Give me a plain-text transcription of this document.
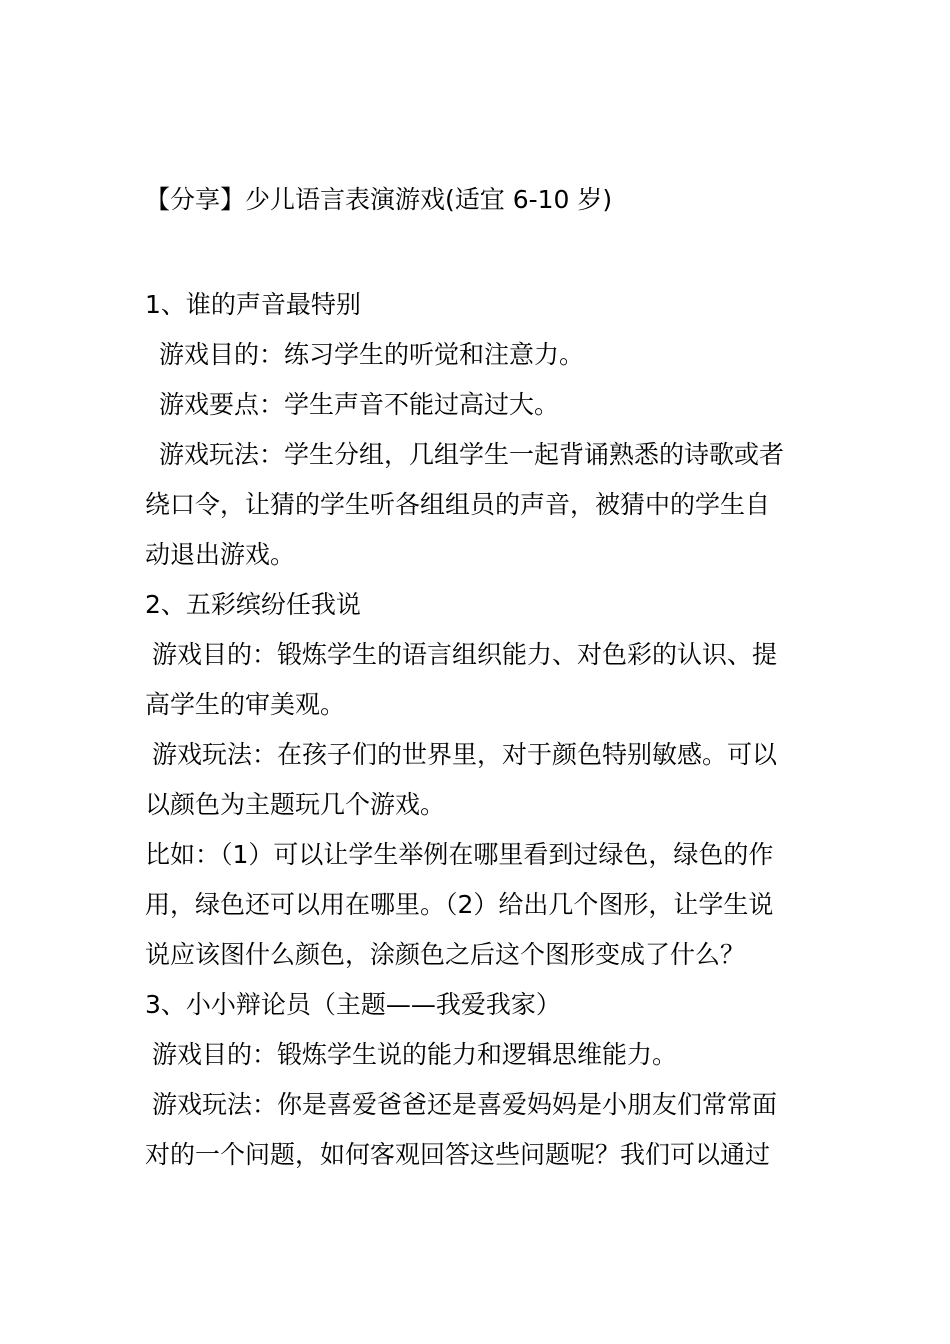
【分享】少儿语言表演游戏(适宜 6-10 岁)
1、谁的声音最特别
游戏目的：练习学生的听觉和注意力。
游戏要点：学生声音不能过高过大。
游戏玩法：学生分组，几组学生一起背诵熟悉的诗歌或者
绕口令，让猜的学生听各组组员的声音，被猜中的学生自
动退出游戏。
2、五彩缤纷任我说
游戏目的：锻炼学生的语言组织能力、对色彩的认识、提
高学生的审美观。
游戏玩法：在孩子们的世界里，对于颜色特别敏感。可以
以颜色为主题玩几个游戏。
比如：（1）可以让学生举例在哪里看到过绿色，绿色的作
用，绿色还可以用在哪里。（2）给出几个图形，让学生说
说应该图什么颜色，涂颜色之后这个图形变成了什么？
3、小小辩论员（主题——我爱我家）
游戏目的：锻炼学生说的能力和逻辑思维能力。
游戏玩法：你是喜爱爸爸还是喜爱妈妈是小朋友们常常面
对的一个问题，如何客观回答这些问题呢？我们可以通过
